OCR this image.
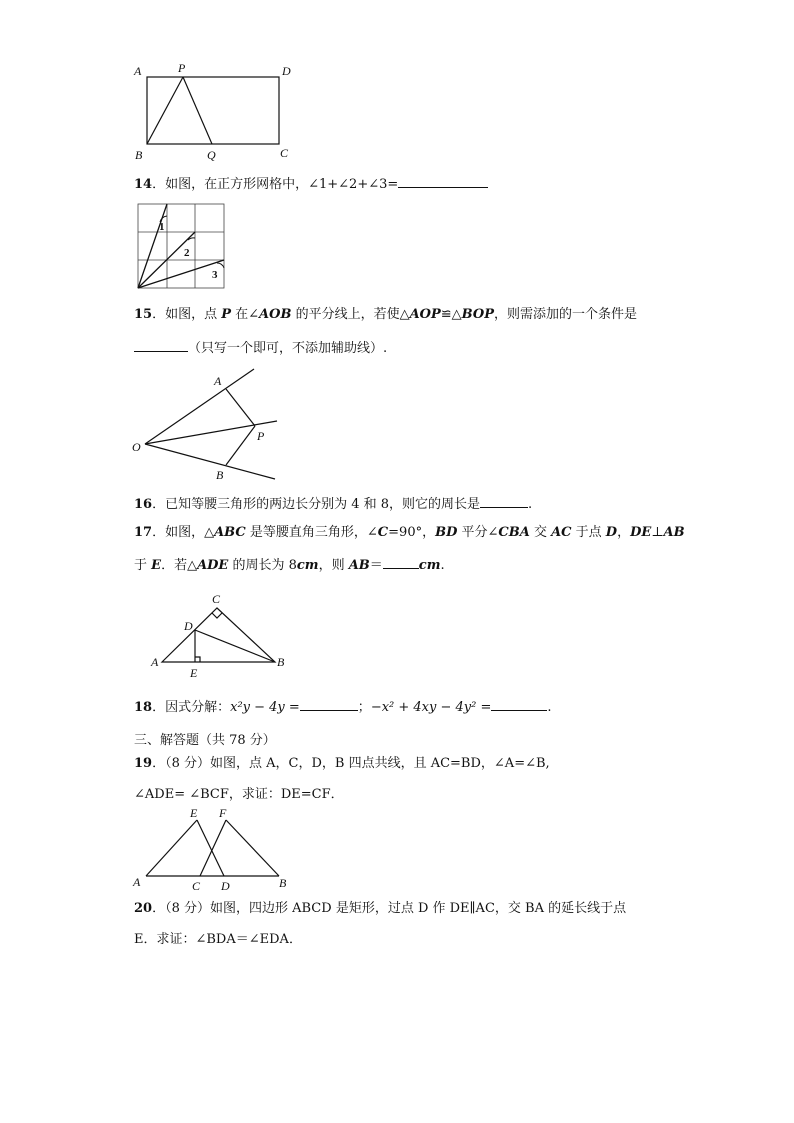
A	P	D
B	Q	C
14．如图，在正方形网格中，∠1+∠2+∠3=
1
2
3
15．如图，点 P 在∠AOB 的平分线上，若使△AOP≌△BOP，则需添加的一个条件是
（只写一个即可，不添加辅助线）.
A
O
P
B
16．已知等腰三角形的两边长分别为 4 和 8，则它的周长是	.
17．如图，△ABC 是等腰直角三角形，∠C=90°，BD 平分∠CBA 交 AC 于点 D，DE⊥AB
于 E．若△ADE 的周长为 8cm，则 AB＝	cm.
C
D
A
E
B
18．因式分解：x²y − 4y =	；−x² + 4xy − 4y² =	.
三、解答题（共 78 分）
19．（8 分）如图，点 A，C，D，B 四点共线，且 AC=BD，∠A=∠B,
∠ADE= ∠BCF，求证：DE=CF．
E F
A	C D	B
20．（8 分）如图，四边形 ABCD 是矩形，过点 D 作 DE∥AC，交 BA 的延长线于点
E．求证：∠BDA＝∠EDA．
